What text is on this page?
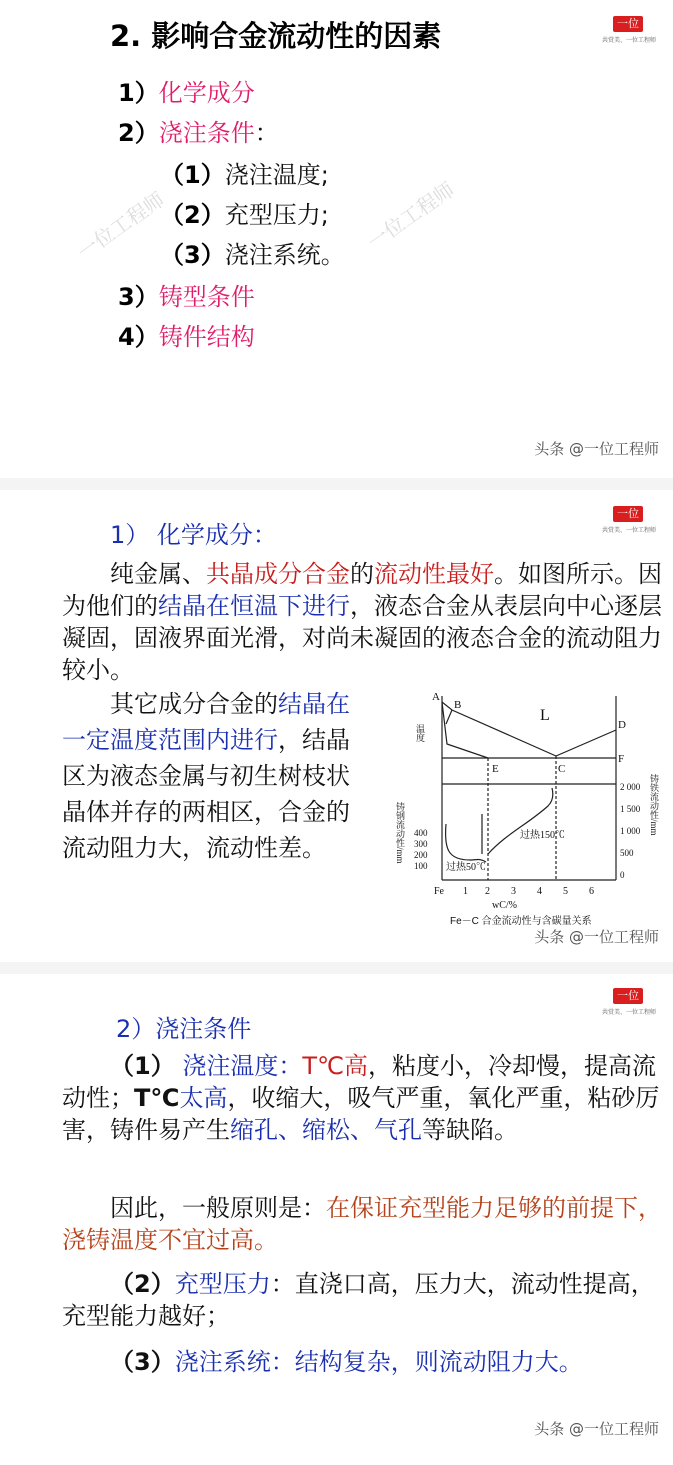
一位
共赏美、一位工程师
一位工程师	一位工程师
2. 影响合金流动性的因素
1）化学成分
2）浇注条件：
（1）浇注温度;
（2）充型压力;
（3）浇注系统。
3）铸型条件
4）铸件结构
头条 @一位工程师
一位
共赏美、一位工程师
1） 化学成分：
纯金属、共晶成分合金的流动性最好。如图所示。因为他们的结晶在恒温下进行，液态合金从表层向中心逐层凝固，固液界面光滑，对尚未凝固的液态合金的流动阻力较小。
其它成分合金的结晶在一定温度范围内进行，结晶区为液态金属与初生树枝状晶体并存的两相区，合金的流动阻力大，流动性差。
头条 @一位工程师
A
B
E	C
D
F
L
过热150℃
过热50℃
温度
铸钢流动性/mm	铸铁流动性/mm
400
300
200
100
2 000
1 500
1 000
500
0
Fe 1 2 3 4 5 6
wC/%
Fe－C 合金流动性与含碳量关系
一位
共赏美、一位工程师
2）浇注条件
（1） 浇注温度：T℃高，粘度小，冷却慢，提高流动性；T℃太高，收缩大，吸气严重，氧化严重，粘砂厉害，铸件易产生缩孔、缩松、气孔等缺陷。
因此，一般原则是：在保证充型能力足够的前提下，浇铸温度不宜过高。
（2）充型压力：直浇口高，压力大，流动性提高，充型能力越好；
（3）浇注系统：结构复杂，则流动阻力大。
头条 @一位工程师
